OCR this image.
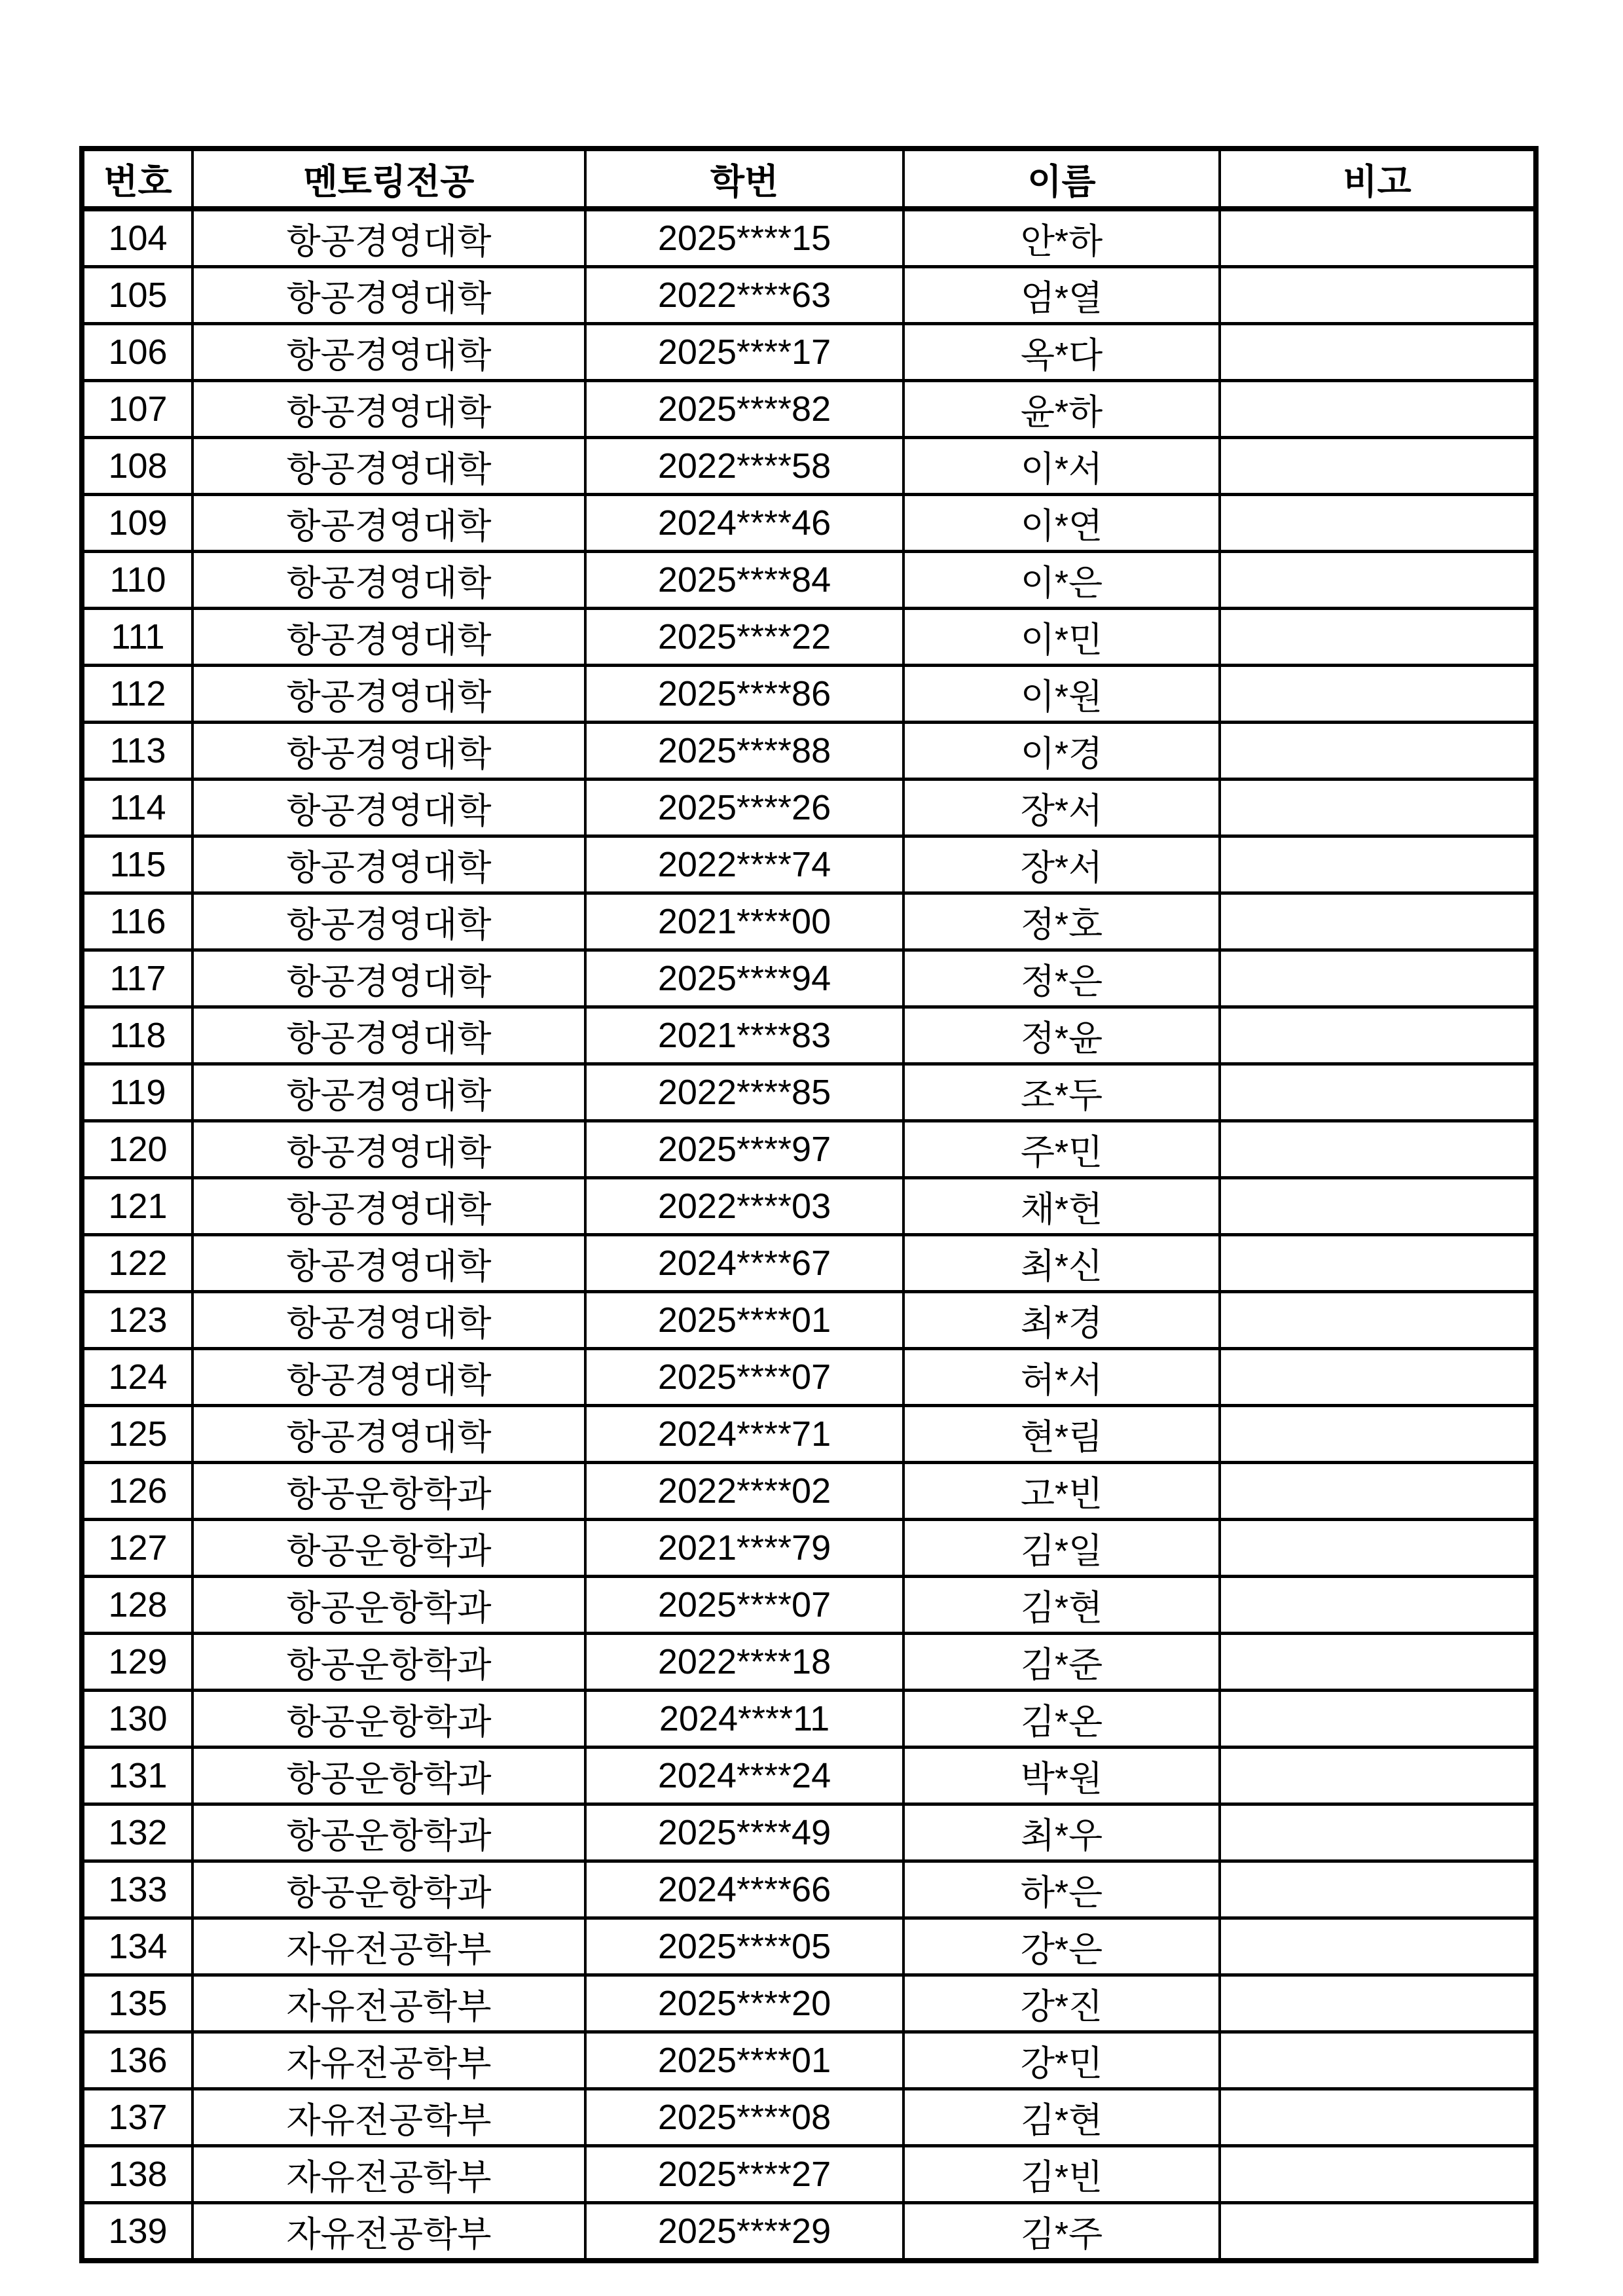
번호	멘토링전공	학번	이름	비고
104	항공경영대학	2025****15	안*하	
105	항공경영대학	2022****63	엄*열	
106	항공경영대학	2025****17	옥*다	
107	항공경영대학	2025****82	윤*하	
108	항공경영대학	2022****58	이*서	
109	항공경영대학	2024****46	이*연	
110	항공경영대학	2025****84	이*은	
111	항공경영대학	2025****22	이*민	
112	항공경영대학	2025****86	이*원	
113	항공경영대학	2025****88	이*경	
114	항공경영대학	2025****26	장*서	
115	항공경영대학	2022****74	장*서	
116	항공경영대학	2021****00	정*호	
117	항공경영대학	2025****94	정*은	
118	항공경영대학	2021****83	정*윤	
119	항공경영대학	2022****85	조*두	
120	항공경영대학	2025****97	주*민	
121	항공경영대학	2022****03	채*헌	
122	항공경영대학	2024****67	최*신	
123	항공경영대학	2025****01	최*경	
124	항공경영대학	2025****07	허*서	
125	항공경영대학	2024****71	현*림	
126	항공운항학과	2022****02	고*빈	
127	항공운항학과	2021****79	김*일	
128	항공운항학과	2025****07	김*현	
129	항공운항학과	2022****18	김*준	
130	항공운항학과	2024****11	김*온	
131	항공운항학과	2024****24	박*원	
132	항공운항학과	2025****49	최*우	
133	항공운항학과	2024****66	하*은	
134	자유전공학부	2025****05	강*은	
135	자유전공학부	2025****20	강*진	
136	자유전공학부	2025****01	강*민	
137	자유전공학부	2025****08	김*현	
138	자유전공학부	2025****27	김*빈	
139	자유전공학부	2025****29	김*주	
